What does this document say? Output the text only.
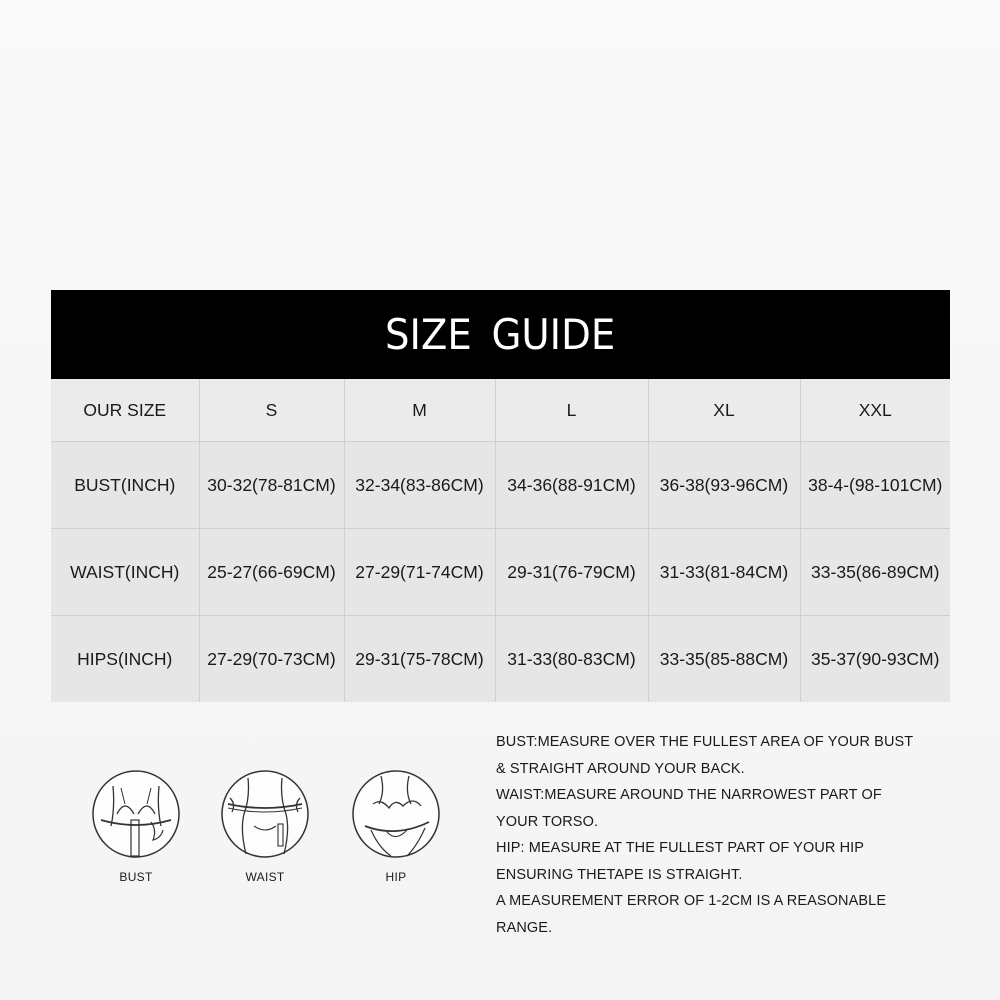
SIZE GUIDE
OUR SIZE	S	M	L	XL	XXL
BUST(INCH)	30-32(78-81CM)	32-34(83-86CM)	34-36(88-91CM)	36-38(93-96CM)	38-4-(98-101CM)
WAIST(INCH)	25-27(66-69CM)	27-29(71-74CM)	29-31(76-79CM)	31-33(81-84CM)	33-35(86-89CM)
HIPS(INCH)	27-29(70-73CM)	29-31(75-78CM)	31-33(80-83CM)	33-35(85-88CM)	35-37(90-93CM)
BUST	WAIST	HIP
BUST:MEASURE OVER THE FULLEST AREA OF YOUR BUST
& STRAIGHT AROUND YOUR BACK.
WAIST:MEASURE AROUND THE NARROWEST PART OF
YOUR TORSO.
HIP: MEASURE AT THE FULLEST PART OF YOUR HIP
ENSURING THETAPE IS STRAIGHT.
A MEASUREMENT ERROR OF 1-2CM IS A REASONABLE
RANGE.
